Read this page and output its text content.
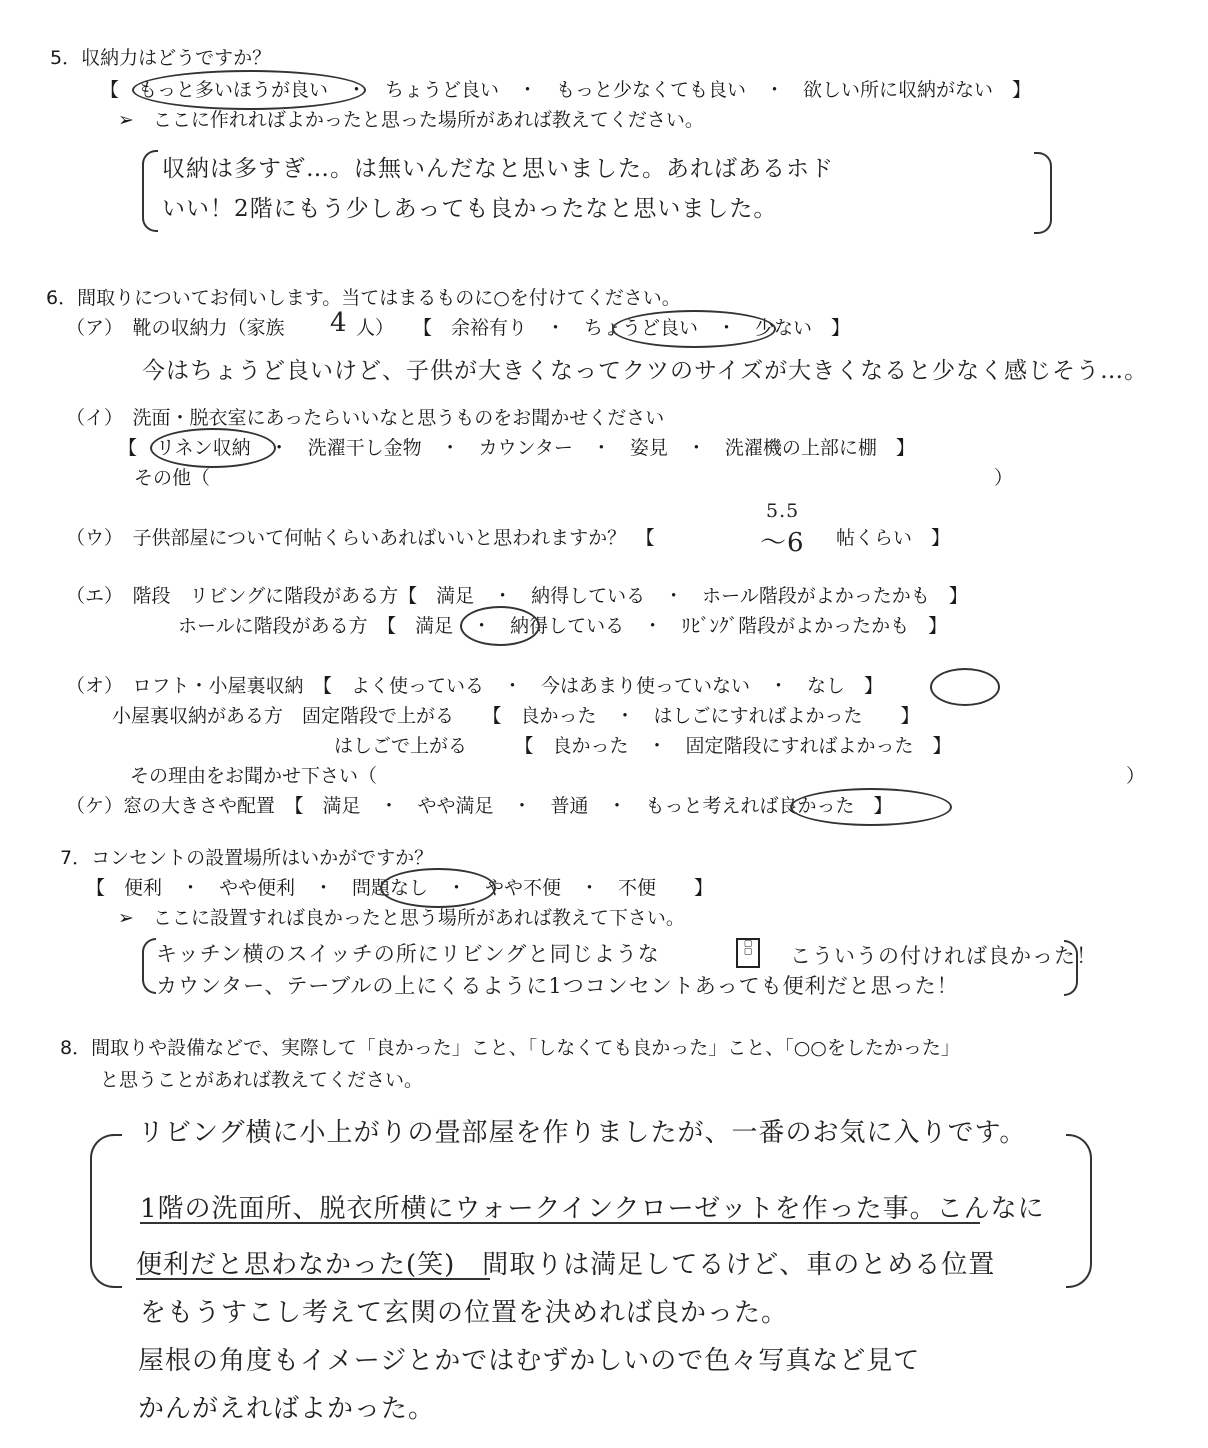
5．収納力はどうですか？
【　もっと多いほうが良い　・　ちょうど良い　・　もっと少なくても良い　・　欲しい所に収納がない　】
➢　ここに作れればよかったと思った場所があれば教えてください。
収納は多すぎ…。は無いんだなと思いました。あればあるホド
いい！2階にもう少しあっても良かったなと思いました。
6．間取りについてお伺いします。当てはまるものに○を付けてください。
（ア）　靴の収納力（家族 4 人）　　【　余裕有り　・　ちょうど良い　・　少ない　】
今はちょうど良いけど、子供が大きくなってクツのサイズが大きくなると少なく感じそう…。
（イ）　洗面・脱衣室にあったらいいなと思うものをお聞かせください
【　リネン収納　・　洗濯干し金物　・　カウンター　・　姿見　・　洗濯機の上部に棚　】
その他（	）
（ウ）　子供部屋について何帖くらいあればいいと思われますか？　【
5.5
～6 帖くらい　】
（エ）　階段　リビングに階段がある方【　満足　・　納得している　・　ホール階段がよかったかも　】
ホールに階段がある方　【　満足　・　納得している　・　ﾘﾋﾞﾝｸﾞ階段がよかったかも　】
（オ）　ロフト・小屋裏収納　【　よく使っている　・　今はあまり使っていない　・　なし　】
小屋裏収納がある方　固定階段で上がる　　【　良かった　・　はしごにすればよかった　　】
はしごで上がる　　　【　良かった　・　固定階段にすればよかった　】
その理由をお聞かせ下さい（	）
（ケ）窓の大きさや配置　【　満足　・　やや満足　・　普通　・　もっと考えれば良かった　】
7．コンセントの設置場所はいかがですか？
【　便利　・　やや便利　・　問題なし　・　やや不便　・　不便　　】
➢　ここに設置すれば良かったと思う場所があれば教えて下さい。
キッチン横のスイッチの所にリビングと同じような	▢
▢	こういうの付ければ良かった！
カウンター、テーブルの上にくるように1つコンセントあっても便利だと思った！
8．間取りや設備などで、実際して「良かった」こと、「しなくても良かった」こと、「○○をしたかった」
と思うことがあれば教えてください。
リビング横に小上がりの畳部屋を作りましたが、一番のお気に入りです。
1階の洗面所、脱衣所横にウォークインクローゼットを作った事。こんなに
便利だと思わなかった(笑)　間取りは満足してるけど、車のとめる位置
をもうすこし考えて玄関の位置を決めれば良かった。
屋根の角度もイメージとかではむずかしいので色々写真など見て
かんがえればよかった。
